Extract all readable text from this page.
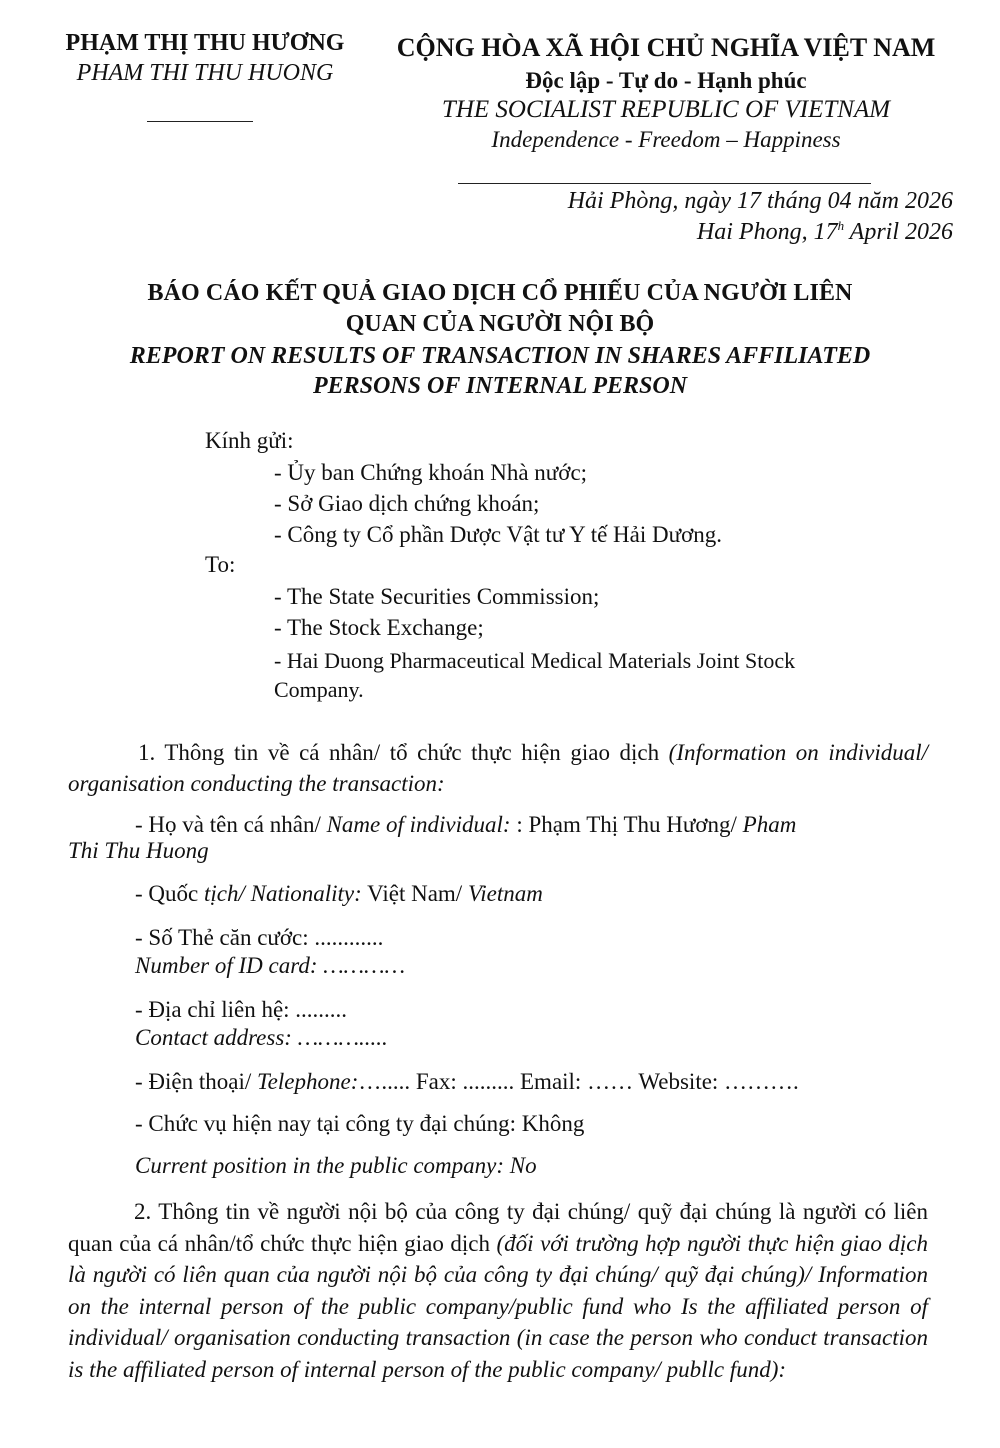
PHẠM THỊ THU HƯƠNG
PHAM THI THU HUONG
CỘNG HÒA XÃ HỘI CHỦ NGHĨA VIỆT NAM
Độc lập - Tự do - Hạnh phúc
THE SOCIALIST REPUBLIC OF VIETNAM
Independence - Freedom – Happiness
Hải Phòng, ngày 17 tháng 04 năm 2026
Hai Phong, 17$^h$ April 2026
BÁO CÁO KẾT QUẢ GIAO DỊCH CỔ PHIẾU CỦA NGƯỜI LIÊN
QUAN CỦA NGƯỜI NỘI BỘ
REPORT ON RESULTS OF TRANSACTION IN SHARES AFFILIATED
PERSONS OF INTERNAL PERSON
Kính gửi:
- Ủy ban Chứng khoán Nhà nước;
- Sở Giao dịch chứng khoán;
- Công ty Cổ phần Dược Vật tư Y tế Hải Dương.
To:
- The State Securities Commission;
- The Stock Exchange;
- Hai Duong Pharmaceutical Medical Materials Joint Stock
Company.
1. Thông tin về cá nhân/ tổ chức thực hiện giao dịch (Information on individual/ organisation conducting the transaction:
- Họ và tên cá nhân/ Name of individual: : Phạm Thị Thu Hương/ Pham
Thi Thu Huong
- Quốc tịch/ Nationality: Việt Nam/ Vietnam
- Số Thẻ căn cước: ............
Number of ID card: …………
- Địa chỉ liên hệ: .........
Contact address: ……….....
- Điện thoại/ Telephone:…..... Fax: ......... Email: …… Website: ……….
- Chức vụ hiện nay tại công ty đại chúng: Không
Current position in the public company: No
2. Thông tin về người nội bộ của công ty đại chúng/ quỹ đại chúng là người có liên quan của cá nhân/tổ chức thực hiện giao dịch (đối với trường hợp người thực hiện giao dịch là người có liên quan của người nội bộ của công ty đại chúng/ quỹ đại chúng)/ Information on the internal person of the public company/public fund who Is the affiliated person of individual/ organisation conducting transaction (in case the person who conduct transaction is the affiliated person of internal person of the public company/ publlc fund):
